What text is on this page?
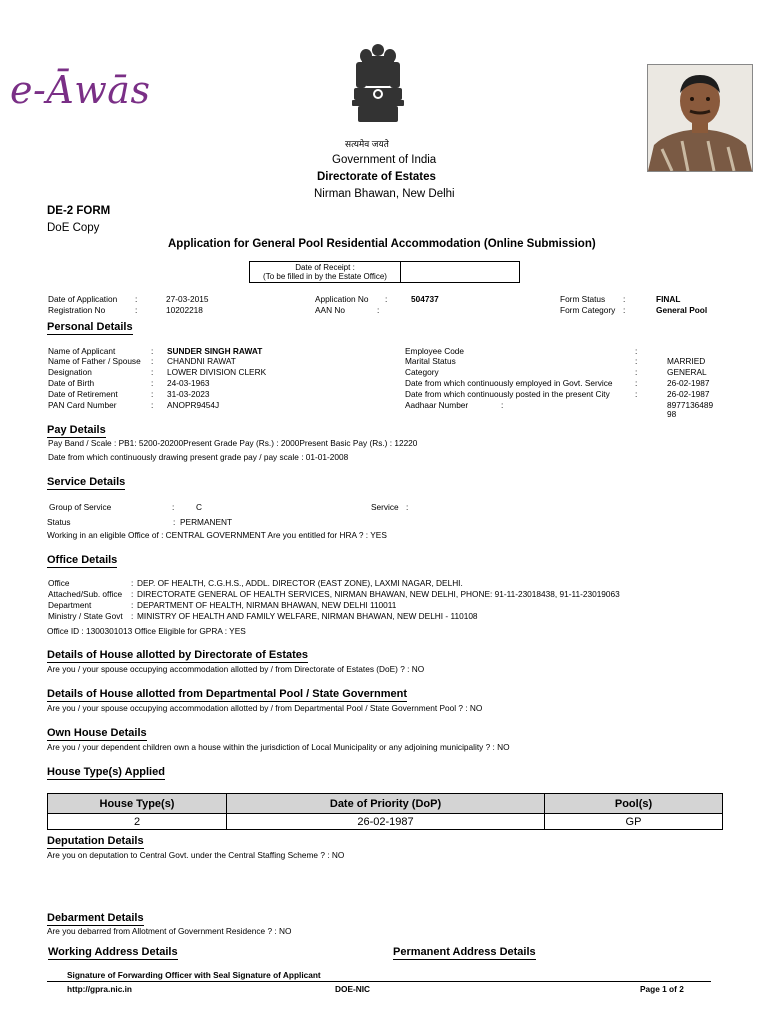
e-Āwās
सत्यमेव जयते
Government of India
Directorate of Estates
Nirman Bhawan, New Delhi
DE-2 FORM
DoE Copy
Application for General Pool Residential Accommodation (Online Submission)
Date of Receipt :
(To be filled in by the Estate Office)
Date of Application :	27-03-2015
Registration No	:	10202218
Application No :	504737
AAN No	:
Form Status :	FINAL
Form Category :	General Pool
Personal Details
Name of Applicant	: SUNDER SINGH RAWAT
Name of Father / Spouse : CHANDNI RAWAT
Designation	: LOWER DIVISION CLERK
Date of Birth	: 24-03-1963
Date of Retirement	: 31-03-2023
PAN Card Number	: ANOPR9454J
Employee Code	:
Marital Status	:	MARRIED
Category	:	GENERAL
Date from which continuously employed in Govt. Service	:	26-02-1987
Date from which continuously posted in the present City	:	26-02-1987
Aadhaar Number	:	8977136489
98
Pay Details
Pay Band / Scale : PB1: 5200-20200Present Grade Pay (Rs.) : 2000Present Basic Pay (Rs.) : 12220
Date from which continuously drawing present grade pay / pay scale : 01-01-2008
Service Details
Group of Service	:	C	Service :
Status	: PERMANENT
Working in an eligible Office of : CENTRAL GOVERNMENT Are you entitled for HRA ? : YES
Office Details
Office	: DEP. OF HEALTH, C.G.H.S., ADDL. DIRECTOR (EAST ZONE), LAXMI NAGAR, DELHI.
Attached/Sub. office : DIRECTORATE GENERAL OF HEALTH SERVICES, NIRMAN BHAWAN, NEW DELHI, PHONE: 91-11-23018438, 91-11-23019063
Department	: DEPARTMENT OF HEALTH, NIRMAN BHAWAN, NEW DELHI 110011
Ministry / State Govt : MINISTRY OF HEALTH AND FAMILY WELFARE, NIRMAN BHAWAN, NEW DELHI - 110108
Office ID : 1300301013 Office Eligible for GPRA : YES
Details of House allotted by Directorate of Estates
Are you / your spouse occupying accommodation allotted by / from Directorate of Estates (DoE) ? : NO
Details of House allotted from Departmental Pool / State Government
Are you / your spouse occupying accommodation allotted by / from Departmental Pool / State Government Pool ? : NO
Own House Details
Are you / your dependent children own a house within the jurisdiction of Local Municipality or any adjoining municipality ? : NO
House Type(s) Applied
House Type(s)	Date of Priority (DoP)	Pool(s)
2	26-02-1987	GP
Deputation Details
Are you on deputation to Central Govt. under the Central Staffing Scheme ? : NO
Debarment Details
Are you debarred from Allotment of Government Residence ? : NO
Working Address Details	Permanent Address Details
Signature of Forwarding Officer with Seal Signature of Applicant
http://gpra.nic.in	DOE-NIC	Page 1 of 2
